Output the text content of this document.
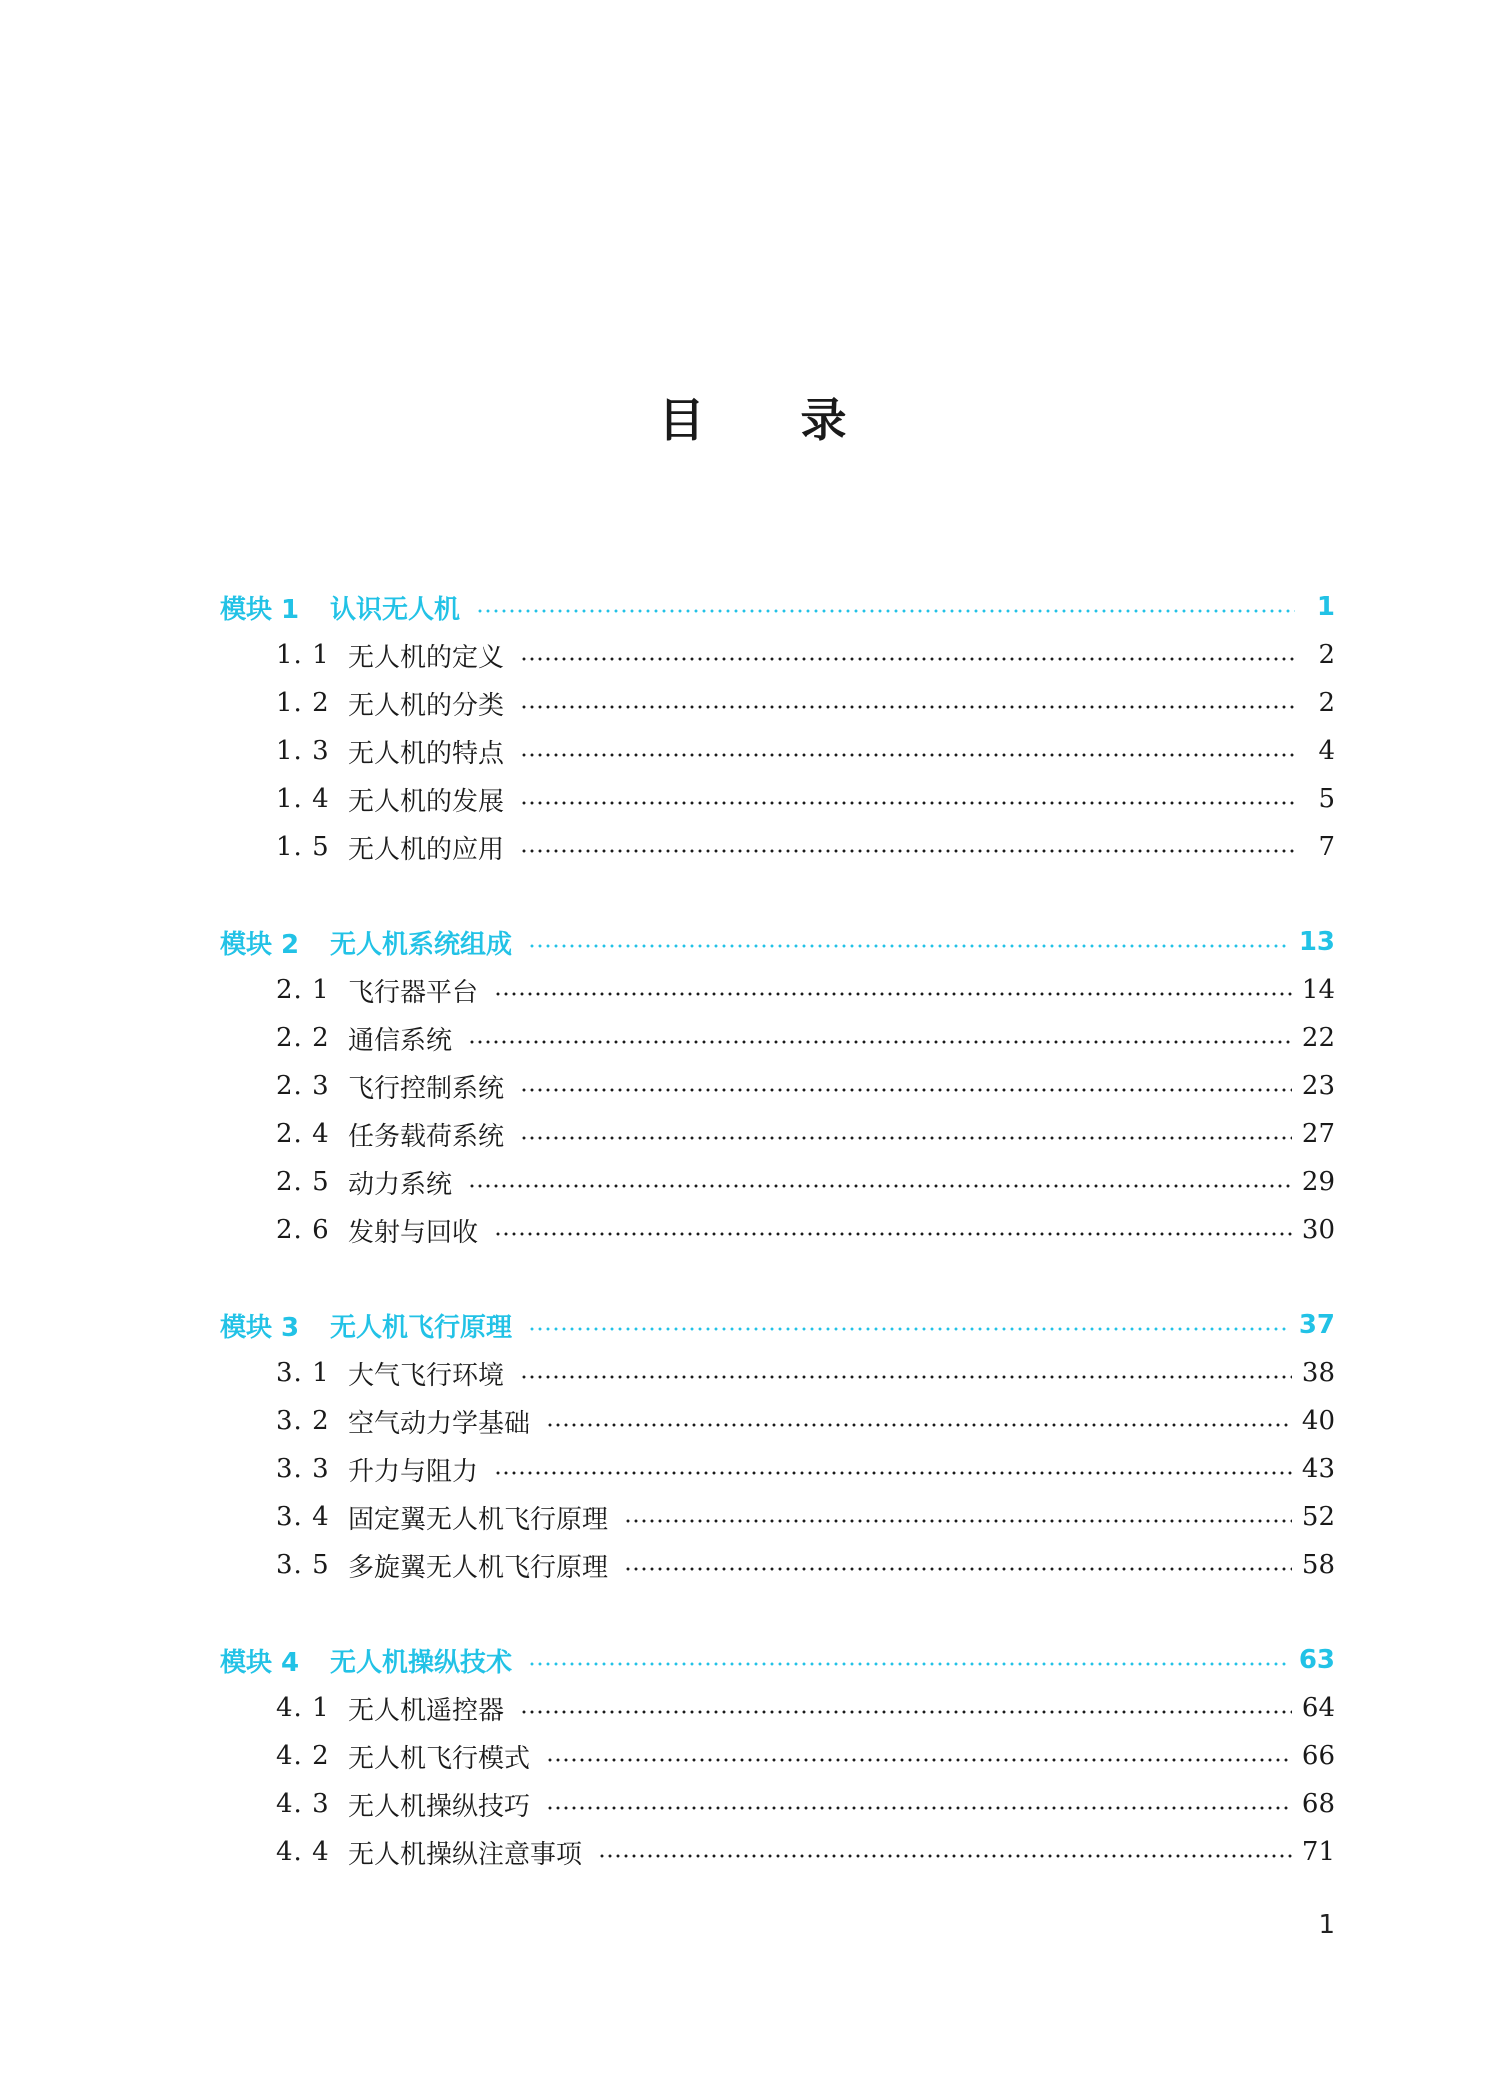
目 录
模块 1	认识无人机	1
1. 1 无人机的定义	2
1. 2 无人机的分类	2
1. 3 无人机的特点	4
1. 4 无人机的发展	5
1. 5 无人机的应用	7
模块 2	无人机系统组成	13
2. 1 飞行器平台	14
2. 2 通信系统	22
2. 3 飞行控制系统	23
2. 4 任务载荷系统	27
2. 5 动力系统	29
2. 6 发射与回收	30
模块 3	无人机飞行原理	37
3. 1 大气飞行环境	38
3. 2 空气动力学基础	40
3. 3 升力与阻力	43
3. 4 固定翼无人机飞行原理	52
3. 5 多旋翼无人机飞行原理	58
模块 4	无人机操纵技术	63
4. 1 无人机遥控器	64
4. 2 无人机飞行模式	66
4. 3 无人机操纵技巧	68
4. 4 无人机操纵注意事项	71
1
